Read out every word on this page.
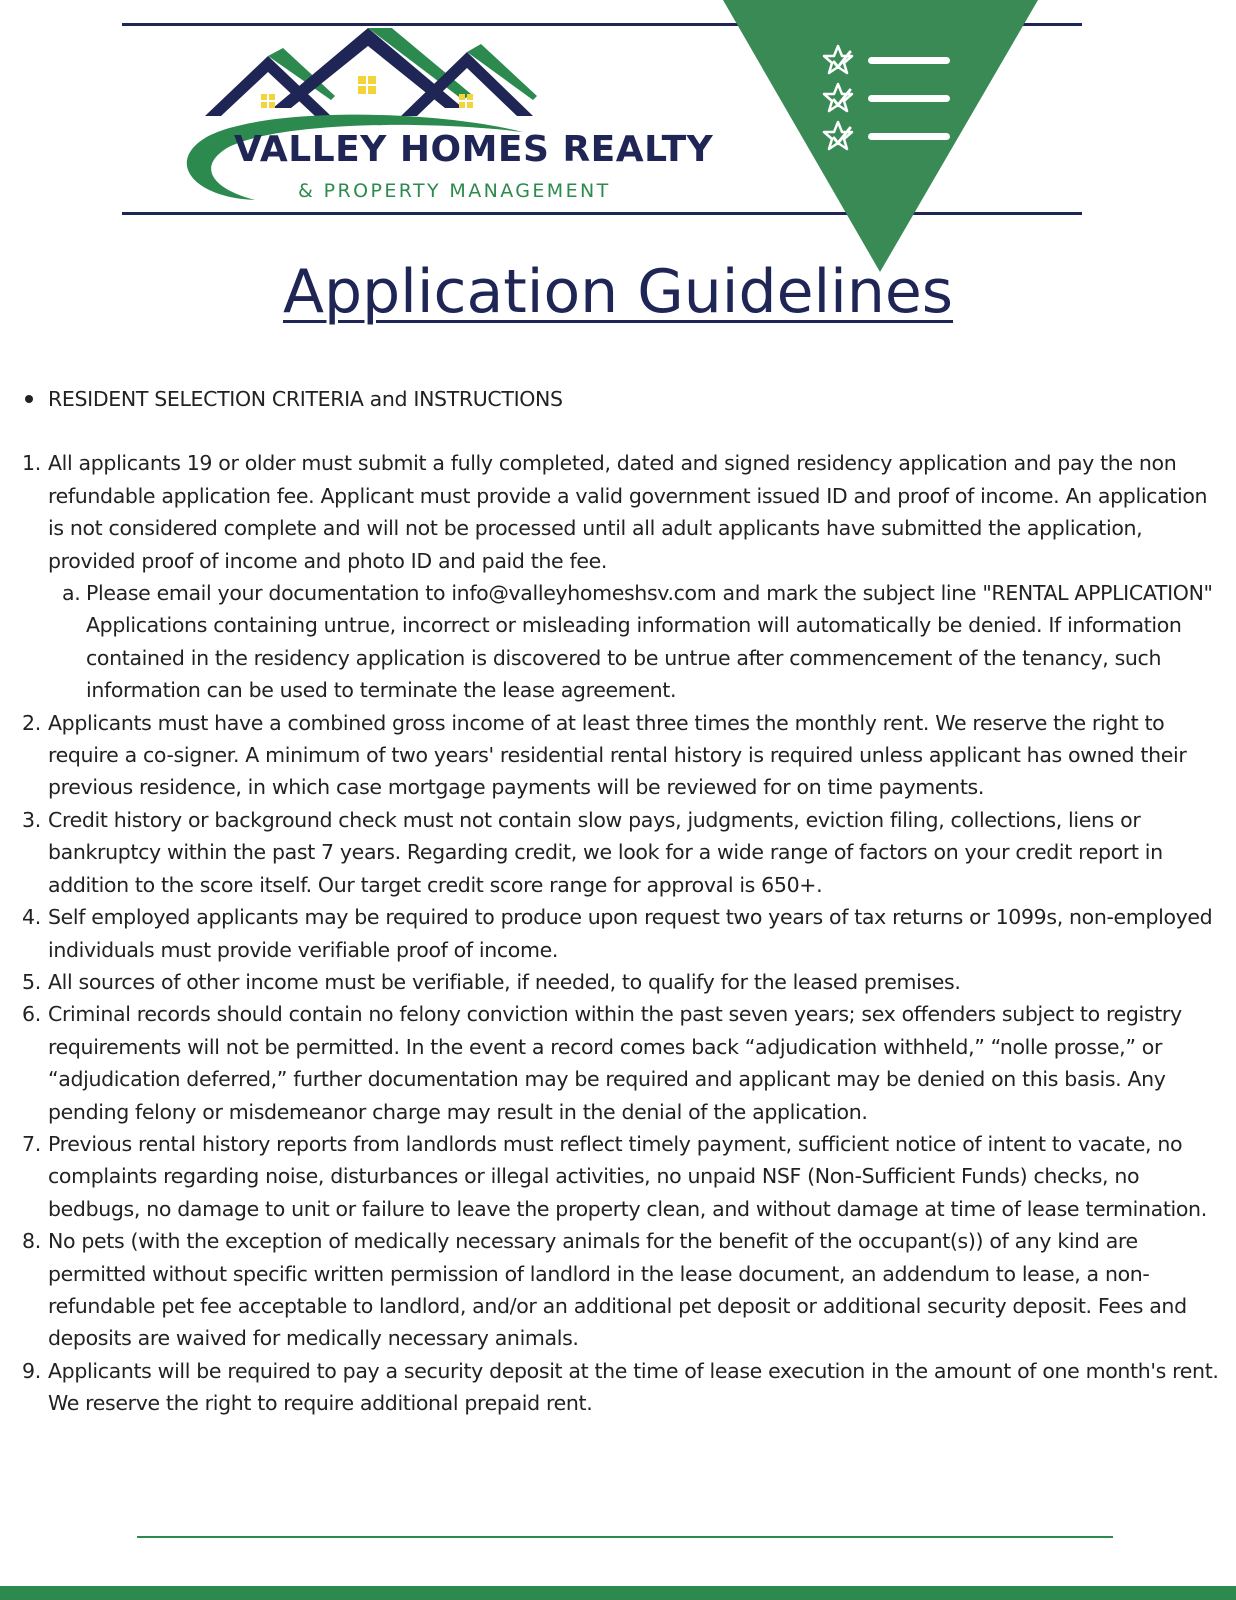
VALLEY HOMES REALTY
& PROPERTY MANAGEMENT
Application Guidelines
RESIDENT SELECTION CRITERIA and INSTRUCTIONS
1. All applicants 19 or older must submit a fully completed, dated and signed residency application and pay the non refundable application fee. Applicant must provide a valid government issued ID and proof of income. An application is not considered complete and will not be processed until all adult applicants have submitted the application, provided proof of income and photo ID and paid the fee.
a. Please email your documentation to info@valleyhomeshsv.com and mark the subject line "RENTAL APPLICATION" Applications containing untrue, incorrect or misleading information will automatically be denied. If information contained in the residency application is discovered to be untrue after commencement of the tenancy, such information can be used to terminate the lease agreement.
2. Applicants must have a combined gross income of at least three times the monthly rent. We reserve the right to require a co-signer. A minimum of two years' residential rental history is required unless applicant has owned their previous residence, in which case mortgage payments will be reviewed for on time payments.
3. Credit history or background check must not contain slow pays, judgments, eviction filing, collections, liens or bankruptcy within the past 7 years. Regarding credit, we look for a wide range of factors on your credit report in addition to the score itself. Our target credit score range for approval is 650+.
4. Self employed applicants may be required to produce upon request two years of tax returns or 1099s, non-employed individuals must provide verifiable proof of income.
5. All sources of other income must be verifiable, if needed, to qualify for the leased premises.
6. Criminal records should contain no felony conviction within the past seven years; sex offenders subject to registry requirements will not be permitted. In the event a record comes back “adjudication withheld,” “nolle prosse,” or “adjudication deferred,” further documentation may be required and applicant may be denied on this basis. Any pending felony or misdemeanor charge may result in the denial of the application.
7. Previous rental history reports from landlords must reflect timely payment, sufficient notice of intent to vacate, no complaints regarding noise, disturbances or illegal activities, no unpaid NSF (Non-Sufficient Funds) checks, no bedbugs, no damage to unit or failure to leave the property clean, and without damage at time of lease termination.
8. No pets (with the exception of medically necessary animals for the benefit of the occupant(s)) of any kind are permitted without specific written permission of landlord in the lease document, an addendum to lease, a non-refundable pet fee acceptable to landlord, and/or an additional pet deposit or additional security deposit. Fees and deposits are waived for medically necessary animals.
9. Applicants will be required to pay a security deposit at the time of lease execution in the amount of one month's rent. We reserve the right to require additional prepaid rent.
